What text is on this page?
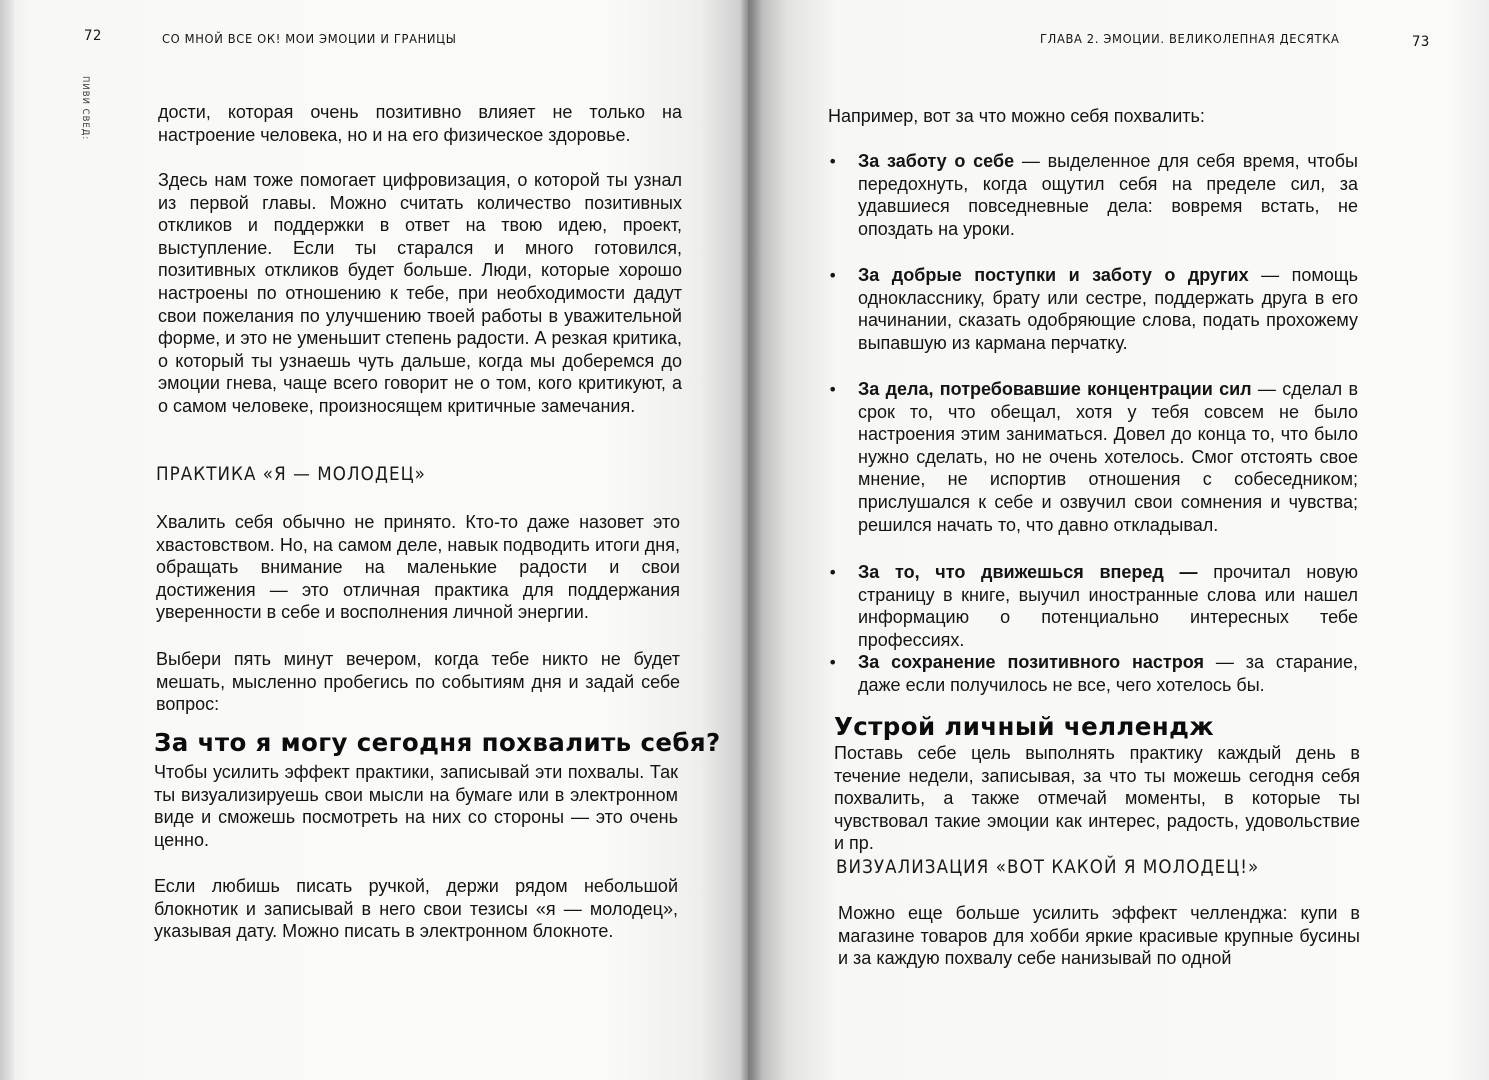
72	СО МНОЙ ВСЕ ОК! МОИ ЭМОЦИИ И ГРАНИЦЫ
ПИВИ СВЕД:	дости, которая очень позитивно влияет не только на настроение человека, но и на его физическое здоровье.

Здесь нам тоже помогает цифровизация, о которой ты узнал из первой главы. Можно считать количество позитивных откликов и поддержки в ответ на твою идею, проект, выступление. Если ты старался и много готовился, позитивных откликов будет больше. Люди, которые хорошо настроены по отношению к тебе, при необходимости дадут свои пожелания по улучшению твоей работы в уважительной форме, и это не уменьшит степень радости. А резкая критика, о который ты узнаешь чуть дальше, когда мы доберемся до эмоции гнева, чаще всего говорит не о том, кого критикуют, а о самом человеке, произносящем критичные замечания.

ПРАКТИКА «Я — МОЛОДЕЦ»

Хвалить себя обычно не принято. Кто-то даже назовет это хвастовством. Но, на самом деле, навык подводить итоги дня, обращать внимание на маленькие радости и свои достижения — это отличная практика для поддержания уверенности в себе и восполнения личной энергии.

Выбери пять минут вечером, когда тебе никто не будет мешать, мысленно пробегись по событиям дня и задай себе вопрос:

За что я могу сегодня похвалить себя?

Чтобы усилить эффект практики, записывай эти похвалы. Так ты визуализируешь свои мысли на бумаге или в электронном виде и сможешь посмотреть на них со стороны — это очень ценно.

Если любишь писать ручкой, держи рядом небольшой блокнотик и записывай в него свои тезисы «я — молодец», указывая дату. Можно писать в электронном блокноте.

ГЛАВА 2. ЭМОЦИИ. ВЕЛИКОЛЕПНАЯ ДЕСЯТКА	73

Например, вот за что можно себя похвалить:

• За заботу о себе — выделенное для себя время, чтобы передохнуть, когда ощутил себя на пределе сил, за удавшиеся повседневные дела: вовремя встать, не опоздать на уроки.

• За добрые поступки и заботу о других — помощь однокласснику, брату или сестре, поддержать друга в его начинании, сказать одобряющие слова, подать прохожему выпавшую из кармана перчатку.

• За дела, потребовавшие концентрации сил — сделал в срок то, что обещал, хотя у тебя совсем не было настроения этим заниматься. Довел до конца то, что было нужно сделать, но не очень хотелось. Смог отстоять свое мнение, не испортив отношения с собеседником; прислушался к себе и озвучил свои сомнения и чувства; решился начать то, что давно откладывал.

• За то, что движешься вперед — прочитал новую страницу в книге, выучил иностранные слова или нашел информацию о потенциально интересных тебе профессиях.

• За сохранение позитивного настроя — за старание, даже если получилось не все, чего хотелось бы.

Устрой личный челлендж

Поставь себе цель выполнять практику каждый день в течение недели, записывая, за что ты можешь сегодня себя похвалить, а также отмечай моменты, в которые ты чувствовал такие эмоции как интерес, радость, удовольствие и пр.

ВИЗУАЛИЗАЦИЯ «ВОТ КАКОЙ Я МОЛОДЕЦ!»

Можно еще больше усилить эффект челленджа: купи в магазине товаров для хобби яркие красивые крупные бусины и за каждую похвалу себе нанизывай по одной
